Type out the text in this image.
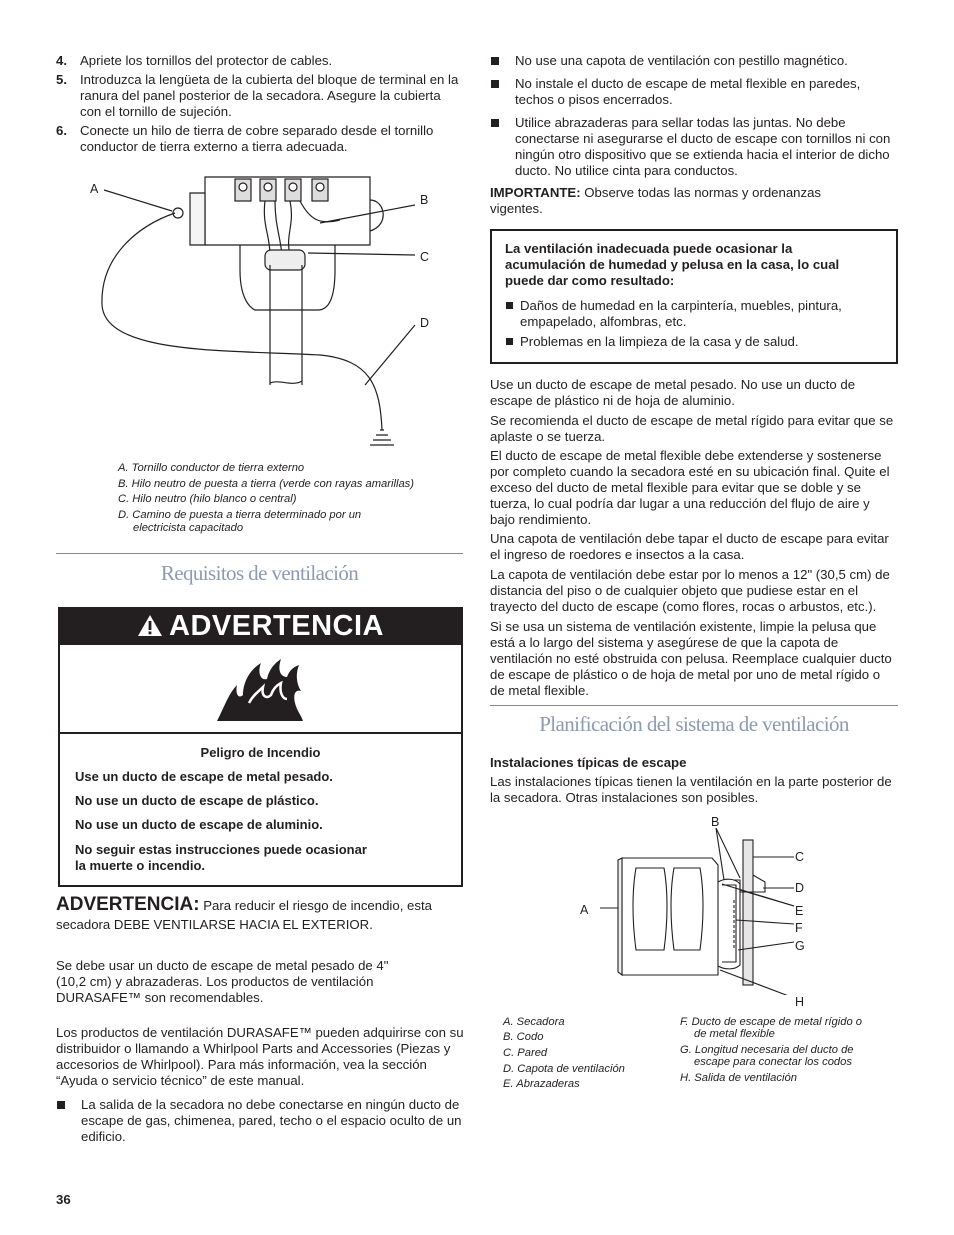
4. Apriete los tornillos del protector de cables.
5. Introduzca la lengüeta de la cubierta del bloque de terminal en la ranura del panel posterior de la secadora. Asegure la cubierta con el tornillo de sujeción.
6. Conecte un hilo de tierra de cobre separado desde el tornillo conductor de tierra externo a tierra adecuada.
A
B
C
D
A. Tornillo conductor de tierra externo
B. Hilo neutro de puesta a tierra (verde con rayas amarillas)
C. Hilo neutro (hilo blanco o central)
D. Camino de puesta a tierra determinado por un
electricista capacitado
Requisitos de ventilación
ADVERTENCIA
Peligro de Incendio
Use un ducto de escape de metal pesado.
No use un ducto de escape de plástico.
No use un ducto de escape de aluminio.
No seguir estas instrucciones puede ocasionar
la muerte o incendio.
ADVERTENCIA: Para reducir el riesgo de incendio, esta
secadora DEBE VENTILARSE HACIA EL EXTERIOR.

Se debe usar un ducto de escape de metal pesado de 4" (10,2 cm) y abrazaderas. Los productos de ventilación DURASAFE™ son recomendables.

Los productos de ventilación DURASAFE™ pueden adquirirse con su distribuidor o llamando a Whirlpool Parts and Accessories (Piezas y accesorios de Whirlpool). Para más información, vea la sección “Ayuda o servicio técnico” de este manual.

La salida de la secadora no debe conectarse en ningún ducto de escape de gas, chimenea, pared, techo o el espacio oculto de un edificio.
36
No use una capota de ventilación con pestillo magnético.
No instale el ducto de escape de metal flexible en paredes, techos o pisos encerrados.
Utilice abrazaderas para sellar todas las juntas. No debe conectarse ni asegurarse el ducto de escape con tornillos ni con ningún otro dispositivo que se extienda hacia el interior de dicho ducto. No utilice cinta para conductos.

IMPORTANTE: Observe todas las normas y ordenanzas vigentes.

La ventilación inadecuada puede ocasionar la acumulación de humedad y pelusa en la casa, lo cual puede dar como resultado:

Daños de humedad en la carpintería, muebles, pintura, empapelado, alfombras, etc.
Problemas en la limpieza de la casa y de salud.

Use un ducto de escape de metal pesado. No use un ducto de escape de plástico ni de hoja de aluminio.

Se recomienda el ducto de escape de metal rígido para evitar que se aplaste o se tuerza.

El ducto de escape de metal flexible debe extenderse y sostenerse por completo cuando la secadora esté en su ubicación final. Quite el exceso del ducto de metal flexible para evitar que se doble y se tuerza, lo cual podría dar lugar a una reducción del flujo de aire y bajo rendimiento.

Una capota de ventilación debe tapar el ducto de escape para evitar el ingreso de roedores e insectos a la casa.

La capota de ventilación debe estar por lo menos a 12" (30,5 cm) de distancia del piso o de cualquier objeto que pudiese estar en el trayecto del ducto de escape (como flores, rocas o arbustos, etc.).

Si se usa un sistema de ventilación existente, limpie la pelusa que está a lo largo del sistema y asegúrese de que la capota de ventilación no esté obstruida con pelusa. Reemplace cualquier ducto de escape de plástico o de hoja de metal por uno de metal rígido o de metal flexible.

Planificación del sistema de ventilación
Instalaciones típicas de escape

Las instalaciones típicas tienen la ventilación en la parte posterior de la secadora. Otras instalaciones son posibles.

A
B
C
D
E
F
G
H
A. Secadora
B. Codo
C. Pared
D. Capota de ventilación
E. Abrazaderas
F. Ducto de escape de metal rígido o
de metal flexible
G. Longitud necesaria del ducto de
escape para conectar los codos
H. Salida de ventilación
